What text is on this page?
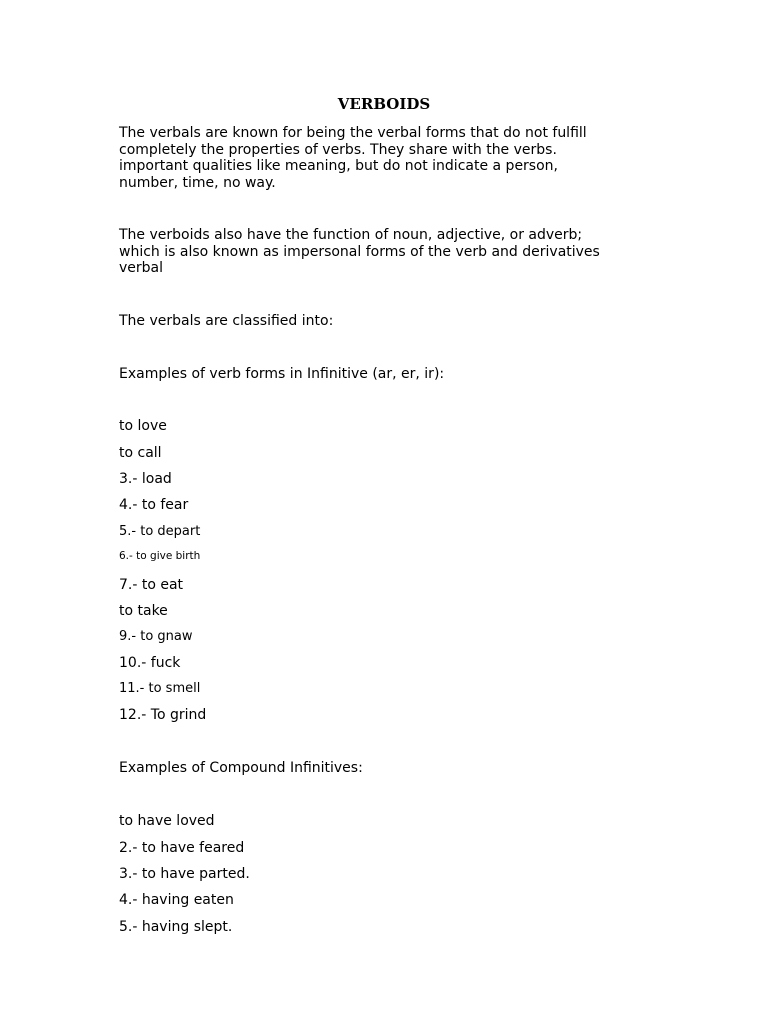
VERBOIDS
The verbals are known for being the verbal forms that do not fulfill completely the properties of verbs. They share with the verbs. important qualities like meaning, but do not indicate a person, number, time, no way.
The verboids also have the function of noun, adjective, or adverb; which is also known as impersonal forms of the verb and derivatives verbal
The verbals are classified into:
Examples of verb forms in Infinitive (ar, er, ir):
to love
to call
3.- load
4.- to fear
5.- to depart
6.- to give birth
7.- to eat
to take
9.- to gnaw
10.- fuck
11.- to smell
12.- To grind
Examples of Compound Infinitives:
to have loved
2.- to have feared
3.- to have parted.
4.- having eaten
5.- having slept.
